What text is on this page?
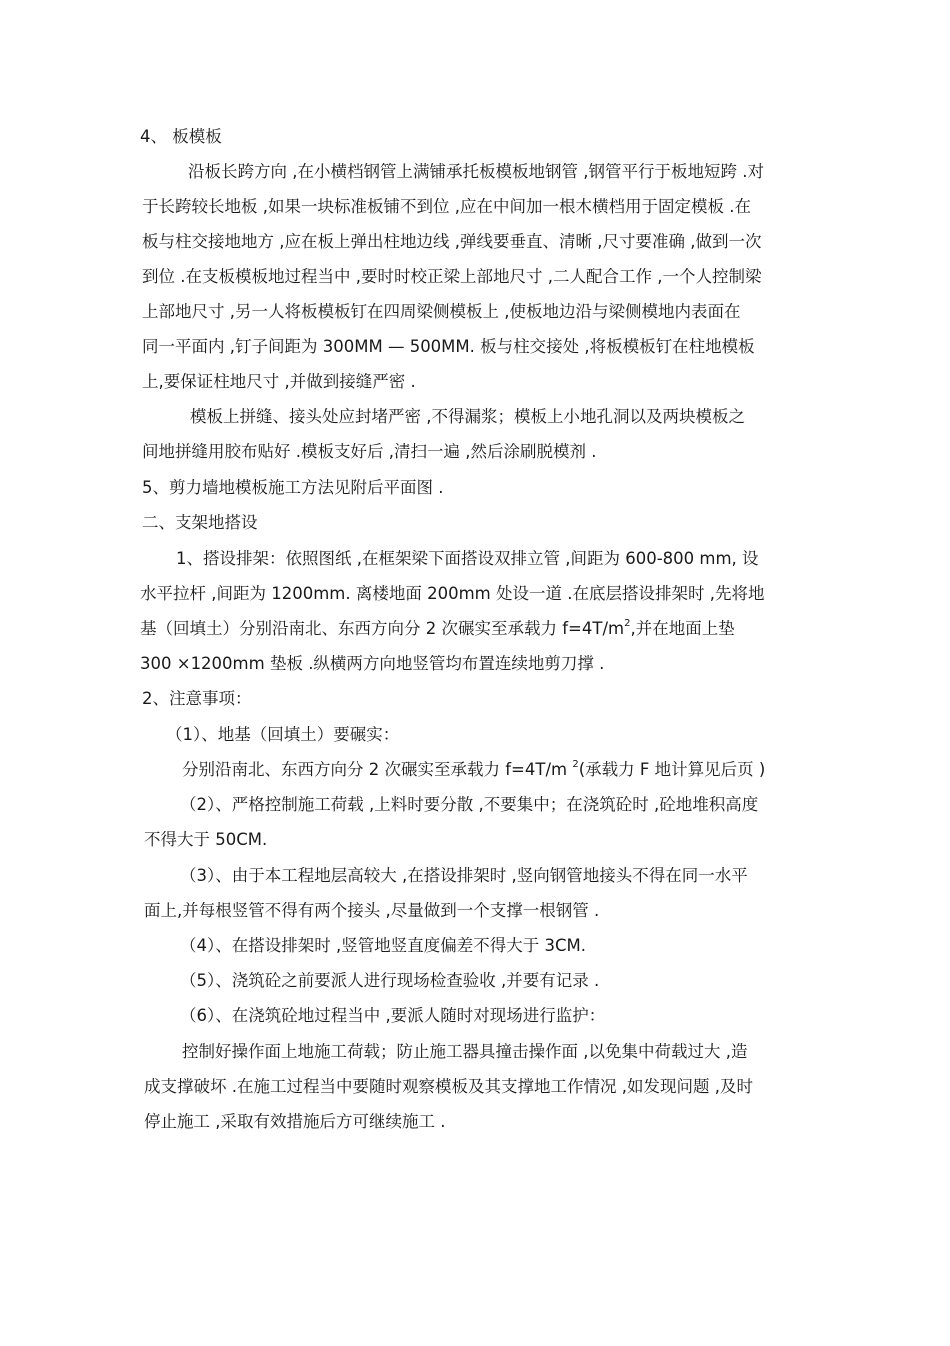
4、 板模板
沿板长跨方向 ,在小横档钢管上满铺承托板模板地钢管 ,钢管平行于板地短跨 .对
于长跨较长地板 ,如果一块标准板铺不到位 ,应在中间加一根木横档用于固定模板 .在
板与柱交接地地方 ,应在板上弹出柱地边线 ,弹线要垂直、清晰 ,尺寸要准确 ,做到一次
到位 .在支板模板地过程当中 ,要时时校正梁上部地尺寸 ,二人配合工作 ,一个人控制梁
上部地尺寸 ,另一人将板模板钉在四周梁侧模板上 ,使板地边沿与梁侧模地内表面在
同一平面内 ,钉子间距为 300MM — 500MM. 板与柱交接处 ,将板模板钉在柱地模板
上,要保证柱地尺寸 ,并做到接缝严密 .
模板上拼缝、接头处应封堵严密 ,不得漏浆；模板上小地孔洞以及两块模板之
间地拼缝用胶布贴好 .模板支好后 ,清扫一遍 ,然后涂刷脱模剂 .
5、剪力墙地模板施工方法见附后平面图 .
二、支架地搭设
1、搭设排架：依照图纸 ,在框架梁下面搭设双排立管 ,间距为 600-800 mm, 设
水平拉杆 ,间距为 1200mm. 离楼地面 200mm 处设一道 .在底层搭设排架时 ,先将地
基（回填土）分别沿南北、东西方向分 2 次碾实至承载力 $f=4T/m^2$,并在地面上垫
300 ×1200mm 垫板 .纵横两方向地竖管均布置连续地剪刀撑 .
2、注意事项：
（1）、地基（回填土）要碾实：
分别沿南北、东西方向分 2 次碾实至承载力 f=4T/m $^2$(承载力 F 地计算见后页 )
（2）、严格控制施工荷载 ,上料时要分散 ,不要集中；在浇筑砼时 ,砼地堆积高度
不得大于 50CM.
（3）、由于本工程地层高较大 ,在搭设排架时 ,竖向钢管地接头不得在同一水平
面上,并每根竖管不得有两个接头 ,尽量做到一个支撑一根钢管 .
（4）、在搭设排架时 ,竖管地竖直度偏差不得大于 3CM.
（5）、浇筑砼之前要派人进行现场检查验收 ,并要有记录 .
（6）、在浇筑砼地过程当中 ,要派人随时对现场进行监护：
控制好操作面上地施工荷载；防止施工器具撞击操作面 ,以免集中荷载过大 ,造
成支撑破坏 .在施工过程当中要随时观察模板及其支撑地工作情况 ,如发现问题 ,及时
停止施工 ,采取有效措施后方可继续施工 .
